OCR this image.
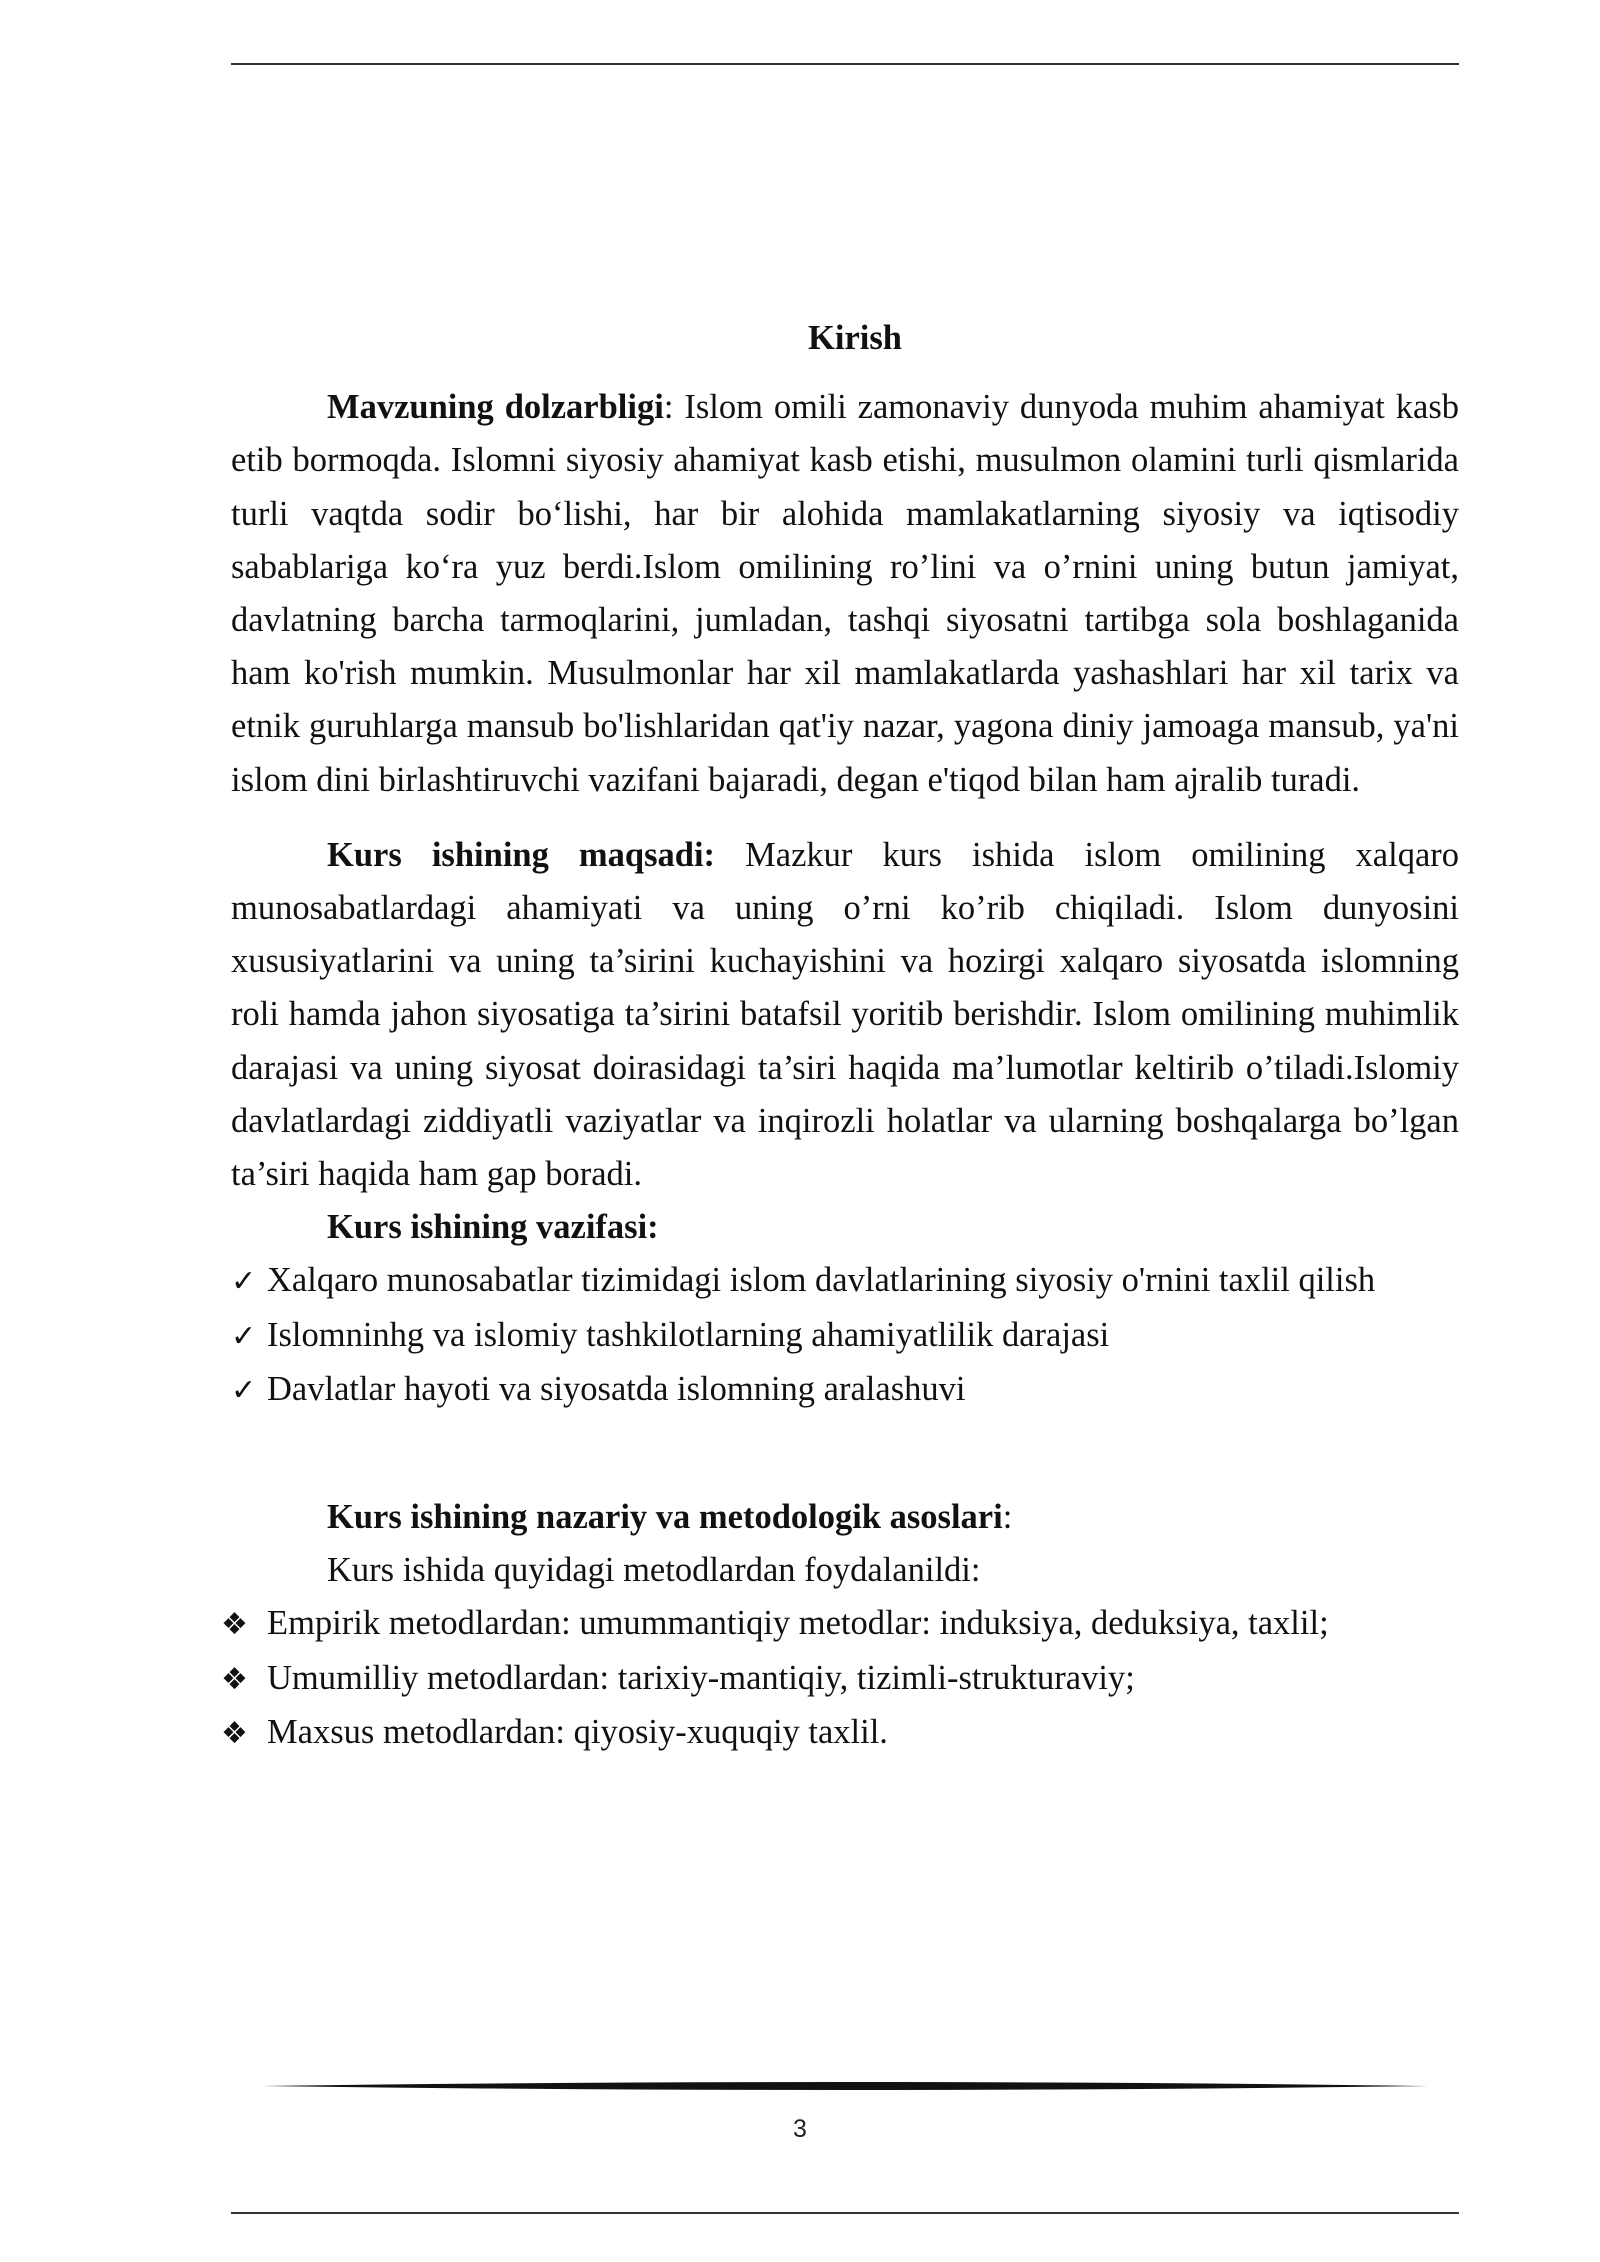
Kirish

Mavzuning dolzarbligi: Islom omili zamonaviy dunyoda muhim ahamiyat kasb etib bormoqda. Islomni siyosiy ahamiyat kasb etishi, musulmon olamini turli qismlarida turli vaqtda sodir bo‘lishi, har bir alohida mamlakatlarning siyosiy va iqtisodiy sabablariga ko‘ra yuz berdi.Islom omilining ro’lini va o’rnini uning butun jamiyat, davlatning barcha tarmoqlarini, jumladan, tashqi siyosatni tartibga sola boshlaganida ham ko'rish mumkin. Musulmonlar har xil mamlakatlarda yashashlari har xil tarix va etnik guruhlarga mansub bo'lishlaridan qat'iy nazar, yagona diniy jamoaga mansub, ya'ni islom dini birlashtiruvchi vazifani bajaradi, degan e'tiqod bilan ham ajralib turadi.

Kurs ishining maqsadi: Mazkur kurs ishida islom omilining xalqaro munosabatlardagi ahamiyati va uning o’rni ko’rib chiqiladi. Islom dunyosini xususiyatlarini va uning ta’sirini kuchayishini va hozirgi xalqaro siyosatda islomning roli hamda jahon siyosatiga ta’sirini batafsil yoritib berishdir. Islom omilining muhimlik darajasi va uning siyosat doirasidagi ta’siri haqida ma’lumotlar keltirib o’tiladi.Islomiy davlatlardagi ziddiyatli vaziyatlar va inqirozli holatlar va ularning boshqalarga bo’lgan ta’siri haqida ham gap boradi.

Kurs ishining vazifasi:

✓ Xalqaro munosabatlar tizimidagi islom davlatlarining siyosiy o'rnini taxlil qilish
✓ Islomninhg va islomiy tashkilotlarning ahamiyatlilik darajasi
✓ Davlatlar hayoti va siyosatda islomning aralashuvi

Kurs ishining nazariy va metodologik asoslari:

Kurs ishida quyidagi metodlardan foydalanildi:

❖ Empirik metodlardan: umummantiqiy metodlar: induksiya, deduksiya, taxlil;
❖ Umumilliy metodlardan: tarixiy-mantiqiy, tizimli-strukturaviy;
❖ Maxsus metodlardan: qiyosiy-xuquqiy taxlil.
3
